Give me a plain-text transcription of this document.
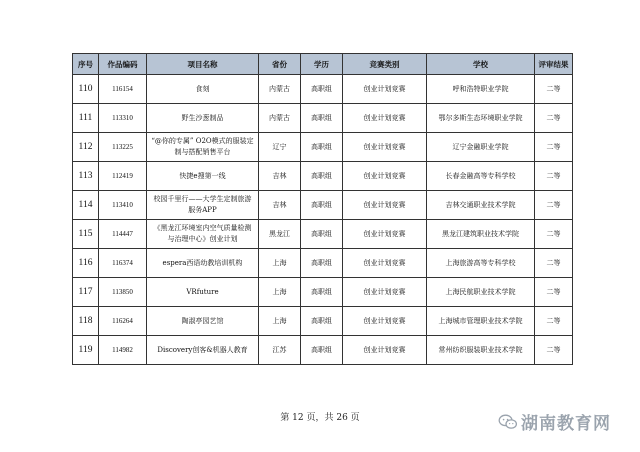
序号	作品编码	项目名称	省份	学历	竞赛类别	学校	评审结果
110	116154	食刻	内蒙古	高职组	创业计划竞赛	呼和浩特职业学院	二等
111	113310	野生沙葱制品	内蒙古	高职组	创业计划竞赛	鄂尔多斯生态环境职业学院	二等
112	113225	“@你的专属” O2O模式的服装定制与搭配销售平台	辽宁	高职组	创业计划竞赛	辽宁金融职业学院	二等
113	112419	快捷e搜第一线	吉林	高职组	创业计划竞赛	长春金融高等专科学校	二等
114	113410	校园千里行——大学生定制旅游服务APP	吉林	高职组	创业计划竞赛	吉林交通职业技术学院	二等
115	114447	《黑龙江环境室内空气质量检测与治理中心》创业计划	黑龙江	高职组	创业计划竞赛	黑龙江建筑职业技术学院	二等
116	116374	espera西语幼教培训机构	上海	高职组	创业计划竞赛	上海旅游高等专科学校	二等
117	113850	VRfuture	上海	高职组	创业计划竞赛	上海民航职业技术学院	二等
118	116264	陶淑亭园艺馆	上海	高职组	创业计划竞赛	上海城市管理职业技术学院	二等
119	114982	Discovery创客&机器人教育	江苏	高职组	创业计划竞赛	常州纺织服装职业技术学院	二等
第 12 页，共 26 页	湖南教育网
